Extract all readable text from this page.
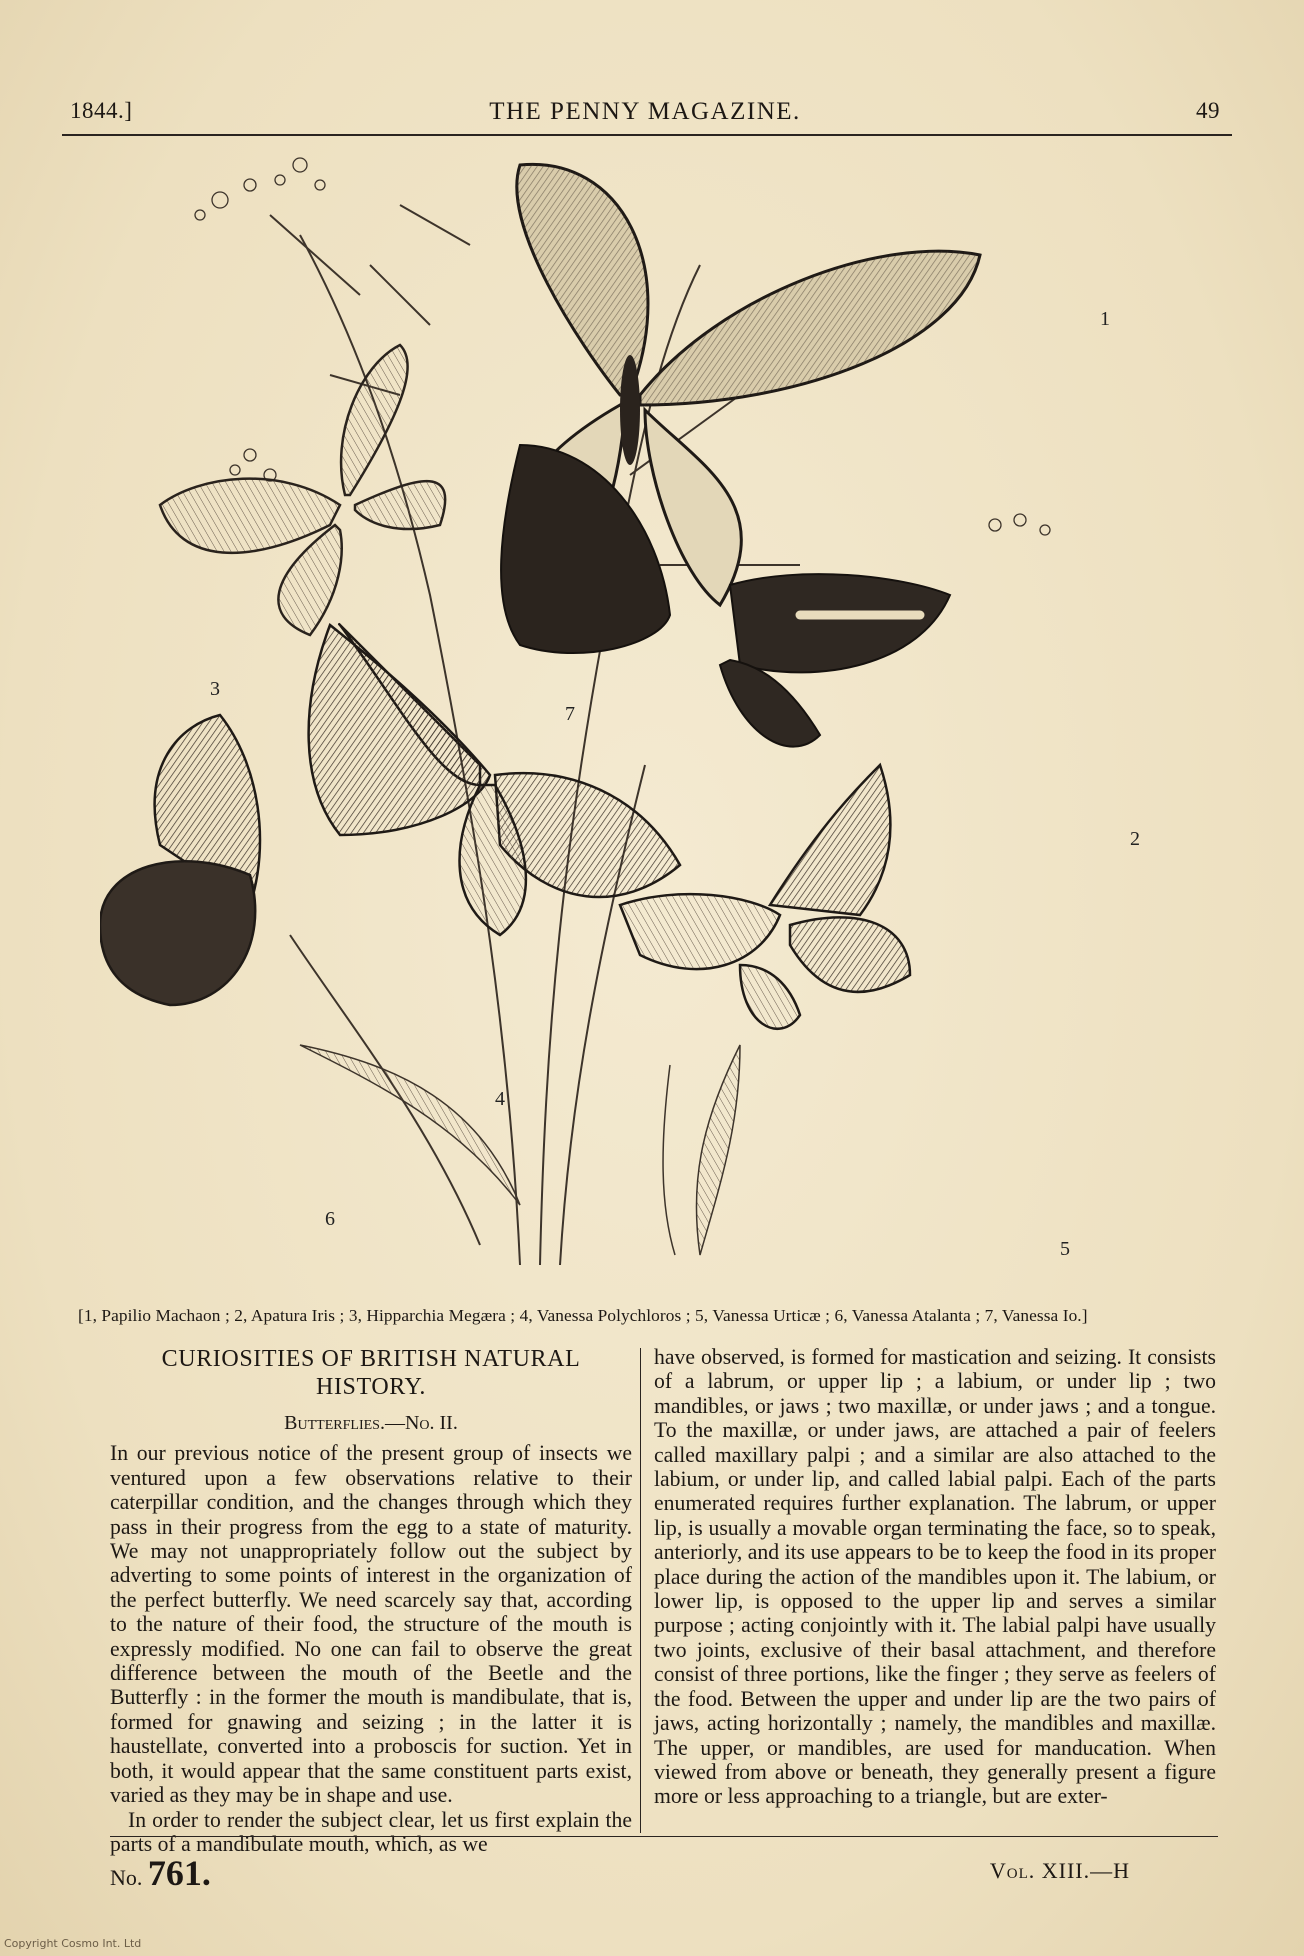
1844.]	THE PENNY MAGAZINE.	49

1
2
3
4
5
6
7
[1, Papilio Machaon ; 2, Apatura Iris ; 3, Hipparchia Megæra ; 4, Vanessa Polychloros ; 5, Vanessa Urticæ ; 6, Vanessa Atalanta ; 7, Vanessa Io.]
CURIOSITIES OF BRITISH NATURAL
HISTORY.
Butterflies.—No. II.

In our previous notice of the present group of insects we ventured upon a few observations relative to their caterpillar condition, and the changes through which they pass in their progress from the egg to a state of maturity. We may not unappropriately follow out the subject by adverting to some points of interest in the organization of the perfect butterfly. We need scarcely say that, according to the nature of their food, the structure of the mouth is expressly modified. No one can fail to observe the great difference between the mouth of the Beetle and the Butterfly : in the former the mouth is mandibulate, that is, formed for gnawing and seizing ; in the latter it is haustellate, converted into a proboscis for suction. Yet in both, it would appear that the same constituent parts exist, varied as they may be in shape and use.

In order to render the subject clear, let us first explain the parts of a mandibulate mouth, which, as we

have observed, is formed for mastication and seizing. It consists of a labrum, or upper lip ; a labium, or under lip ; two mandibles, or jaws ; two maxillæ, or under jaws ; and a tongue. To the maxillæ, or under jaws, are attached a pair of feelers called maxillary palpi ; and a similar are also attached to the labium, or under lip, and called labial palpi. Each of the parts enumerated requires further explanation. The labrum, or upper lip, is usually a movable organ terminating the face, so to speak, anteriorly, and its use appears to be to keep the food in its proper place during the action of the mandibles upon it. The labium, or lower lip, is opposed to the upper lip and serves a similar purpose ; acting conjointly with it. The labial palpi have usually two joints, exclusive of their basal attachment, and therefore consist of three portions, like the finger ; they serve as feelers of the food. Between the upper and under lip are the two pairs of jaws, acting horizontally ; namely, the mandibles and maxillæ. The upper, or mandibles, are used for manducation. When viewed from above or beneath, they generally present a figure more or less approaching to a triangle, but are exter-

No. 761.	Vol. XIII.—H
Copyright Cosmo Int. Ltd
